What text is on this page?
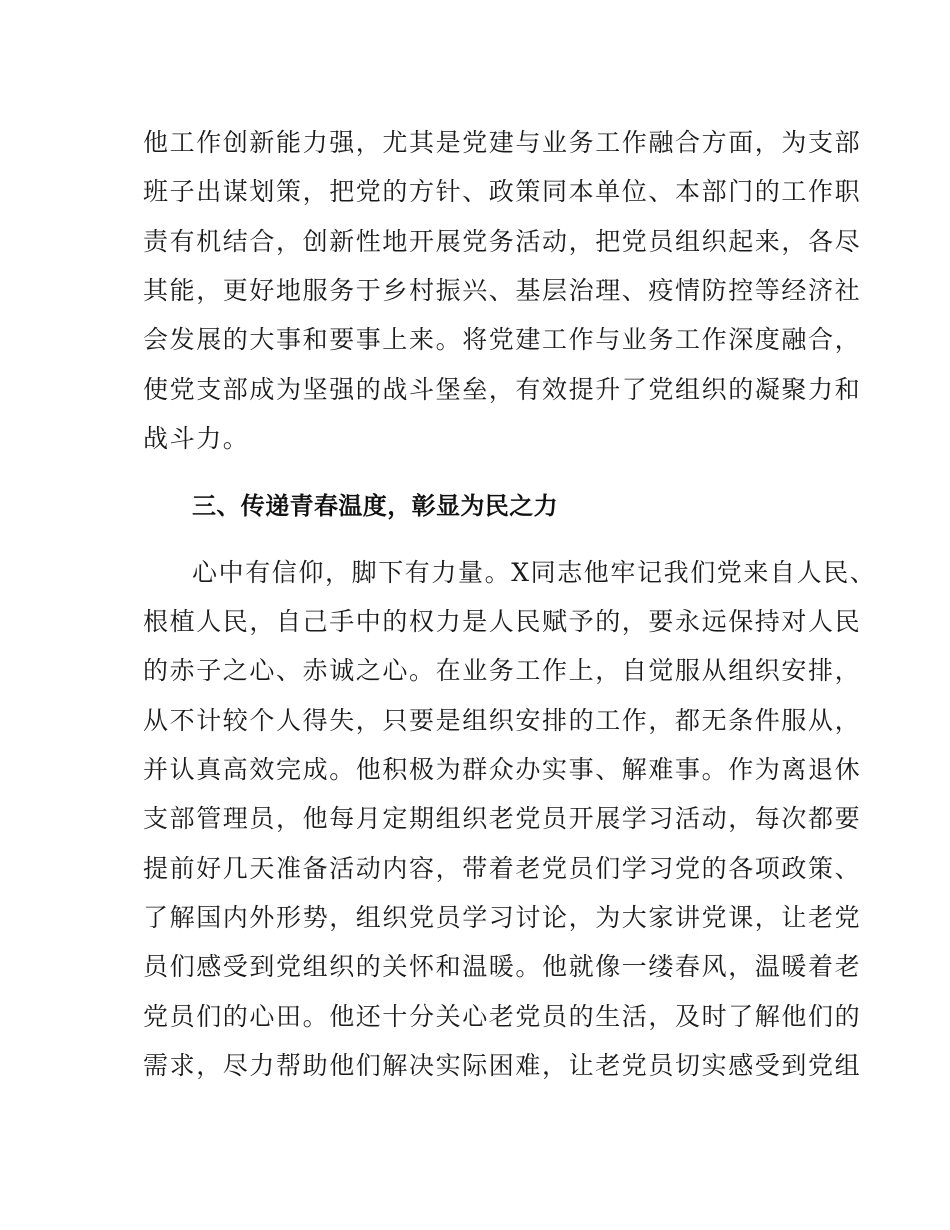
他工作创新能力强，尤其是党建与业务工作融合方面，为支部
班子出谋划策，把党的方针、政策同本单位、本部门的工作职
责有机结合，创新性地开展党务活动，把党员组织起来，各尽
其能，更好地服务于乡村振兴、基层治理、疫情防控等经济社
会发展的大事和要事上来。将党建工作与业务工作深度融合，
使党支部成为坚强的战斗堡垒，有效提升了党组织的凝聚力和
战斗力。
三、传递青春温度，彰显为民之力
心中有信仰，脚下有力量。X同志他牢记我们党来自人民、
根植人民，自己手中的权力是人民赋予的，要永远保持对人民
的赤子之心、赤诚之心。在业务工作上，自觉服从组织安排，
从不计较个人得失，只要是组织安排的工作，都无条件服从，
并认真高效完成。他积极为群众办实事、解难事。作为离退休
支部管理员，他每月定期组织老党员开展学习活动，每次都要
提前好几天准备活动内容，带着老党员们学习党的各项政策、
了解国内外形势，组织党员学习讨论，为大家讲党课，让老党
员们感受到党组织的关怀和温暖。他就像一缕春风，温暖着老
党员们的心田。他还十分关心老党员的生活，及时了解他们的
需求，尽力帮助他们解决实际困难，让老党员切实感受到党组
